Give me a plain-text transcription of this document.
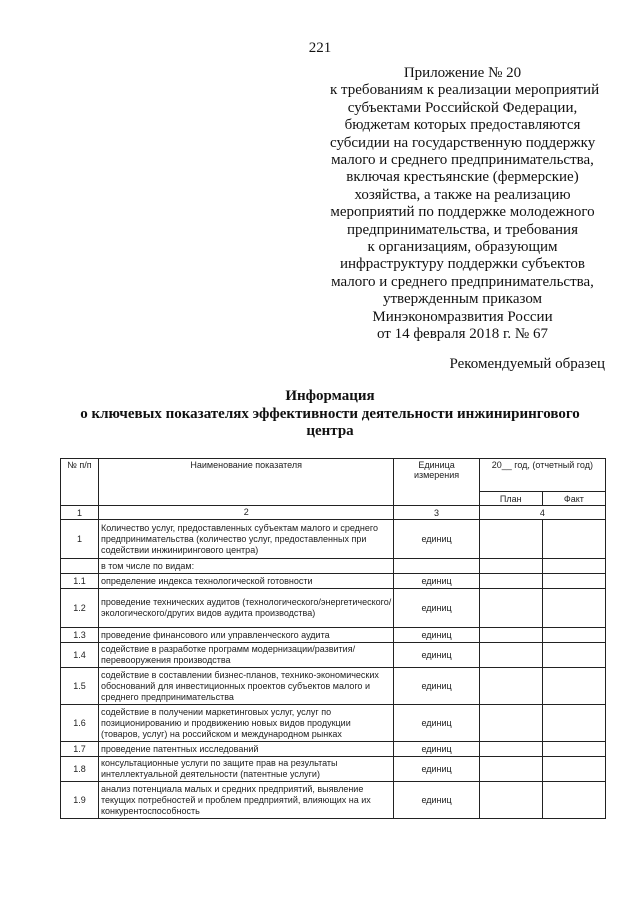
221
Приложение № 20
к требованиям к реализации мероприятий
субъектами Российской Федерации,
бюджетам которых предоставляются
субсидии на государственную поддержку
малого и среднего предпринимательства,
включая крестьянские (фермерские)
хозяйства, а также на реализацию
мероприятий по поддержке молодежного
предпринимательства, и требования
к организациям, образующим
инфраструктуру поддержки субъектов
малого и среднего предпринимательства,
утвержденным приказом
Минэкономразвития России
от 14 февраля 2018 г. № 67
Рекомендуемый образец
Информация
о ключевых показателях эффективности деятельности инжинирингового
центра
№ п/п	Наименование показателя	Единица измерения	20__ год, (отчетный год)	
			План	Факт
1	2	3	4	
1	Количество услуг, предоставленных субъектам малого и среднего предпринимательства (количество услуг, предоставленных при содействии инжинирингового центра)	единиц		
	в том числе по видам:			
1.1	определение индекса технологической готовности	единиц		
1.2	проведение технических аудитов (технологического/энергетического/экологического/других видов аудита производства)	единиц		
1.3	проведение финансового или управленческого аудита	единиц		
1.4	содействие в разработке программ модернизации/развития/перевооружения производства	единиц		
1.5	содействие в составлении бизнес-планов, технико-экономических обоснований для инвестиционных проектов субъектов малого и среднего предпринимательства	единиц		
1.6	содействие в получении маркетинговых услуг, услуг по позиционированию и продвижению новых видов продукции (товаров, услуг) на российском и международном рынках	единиц		
1.7	проведение патентных исследований	единиц		
1.8	консультационные услуги по защите прав на результаты интеллектуальной деятельности (патентные услуги)	единиц		
1.9	анализ потенциала малых и средних предприятий, выявление текущих потребностей и проблем предприятий, влияющих на их конкурентоспособность	единиц		
